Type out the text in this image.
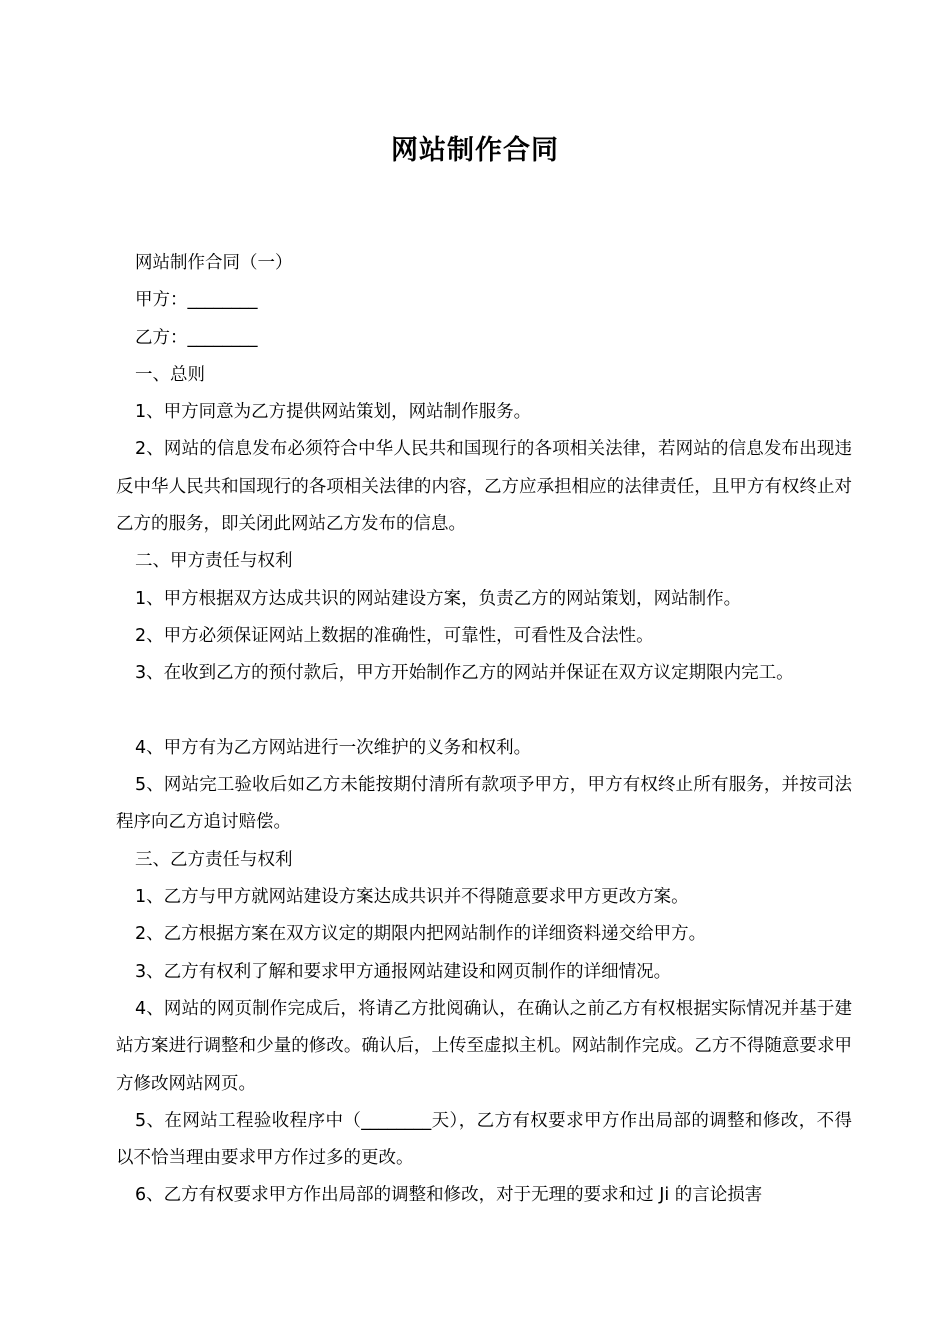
网站制作合同

网站制作合同（一）

甲方：________

乙方：________

一、总则

1、甲方同意为乙方提供网站策划，网站制作服务。

2、网站的信息发布必须符合中华人民共和国现行的各项相关法律，若网站的信息发布出现违反中华人民共和国现行的各项相关法律的内容，乙方应承担相应的法律责任，且甲方有权终止对乙方的服务，即关闭此网站乙方发布的信息。

二、甲方责任与权利

1、甲方根据双方达成共识的网站建设方案，负责乙方的网站策划，网站制作。

2、甲方必须保证网站上数据的准确性，可靠性，可看性及合法性。

3、在收到乙方的预付款后，甲方开始制作乙方的网站并保证在双方议定期限内完工。

4、甲方有为乙方网站进行一次维护的义务和权利。

5、网站完工验收后如乙方未能按期付清所有款项予甲方，甲方有权终止所有服务，并按司法程序向乙方追讨赔偿。

三、乙方责任与权利

1、乙方与甲方就网站建设方案达成共识并不得随意要求甲方更改方案。

2、乙方根据方案在双方议定的期限内把网站制作的详细资料递交给甲方。

3、乙方有权利了解和要求甲方通报网站建设和网页制作的详细情况。

4、网站的网页制作完成后，将请乙方批阅确认，在确认之前乙方有权根据实际情况并基于建站方案进行调整和少量的修改。确认后，上传至虚拟主机。网站制作完成。乙方不得随意要求甲方修改网站网页。

5、在网站工程验收程序中（________天），乙方有权要求甲方作出局部的调整和修改，不得以不恰当理由要求甲方作过多的更改。

6、乙方有权要求甲方作出局部的调整和修改，对于无理的要求和过 Ji 的言论损害
